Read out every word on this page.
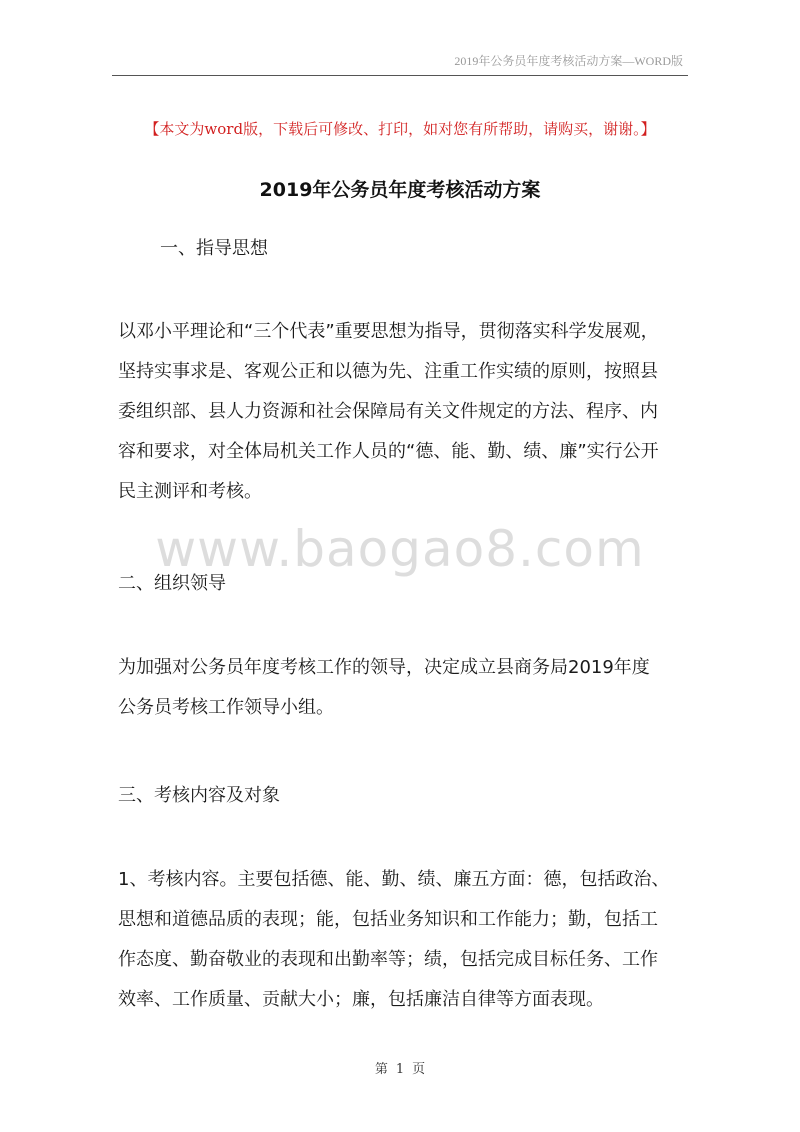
2019年公务员年度考核活动方案—WORD版
【本文为word版，下载后可修改、打印，如对您有所帮助，请购买，谢谢。】
2019年公务员年度考核活动方案

一、指导思想

以邓小平理论和“三个代表”重要思想为指导，贯彻落实科学发展观，

坚持实事求是、客观公正和以德为先、注重工作实绩的原则，按照县

委组织部、县人力资源和社会保障局有关文件规定的方法、程序、内

容和要求，对全体局机关工作人员的“德、能、勤、绩、廉”实行公开

民主测评和考核。

www.baogao8.com

二、组织领导

为加强对公务员年度考核工作的领导，决定成立县商务局2019年度

公务员考核工作领导小组。

三、考核内容及对象

1、考核内容。主要包括德、能、勤、绩、廉五方面：德，包括政治、

思想和道德品质的表现；能，包括业务知识和工作能力；勤，包括工

作态度、勤奋敬业的表现和出勤率等；绩，包括完成目标任务、工作

效率、工作质量、贡献大小；廉，包括廉洁自律等方面表现。

第 1 页
